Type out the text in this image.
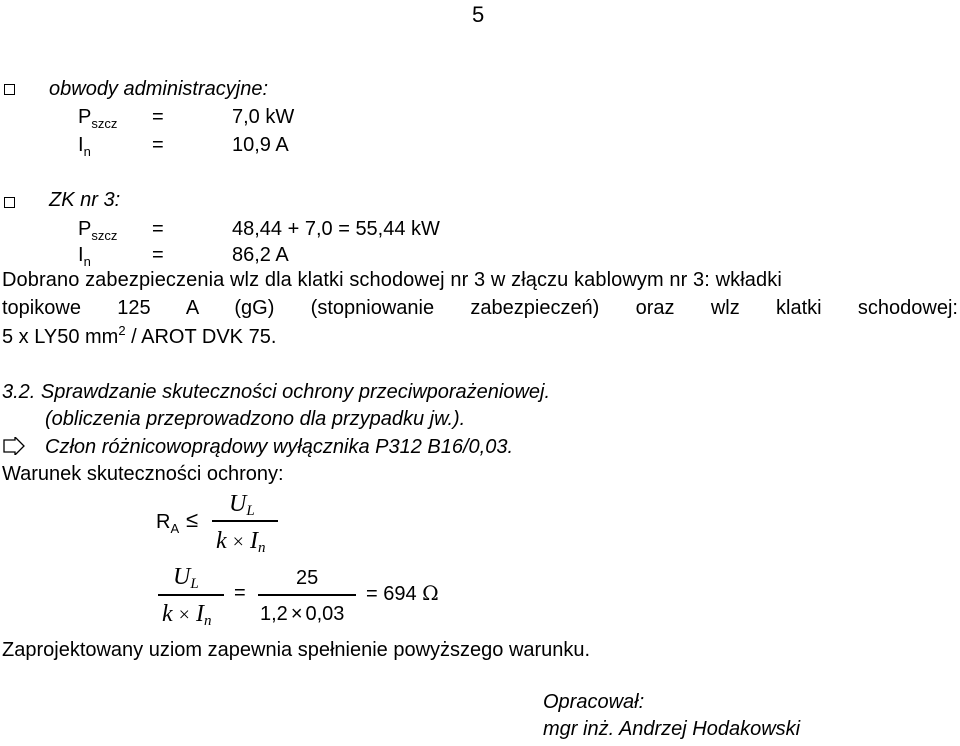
5
obwody administracyjne:
$P_{szcz}$ =	7,0 kW
$I_n$	=	10,9 A
ZK nr 3:
$P_{szcz}$ =	48,44 + 7,0 = 55,44 kW
$I_n$	=	86,2 A
Dobrano zabezpieczenia wlz dla klatki schodowej nr 3 w złączu kablowym nr 3: wkładki
topikowe 125 A (gG) (stopniowanie zabezpieczeń) oraz wlz klatki schodowej:
5 x LY50 $mm^2$ / AROT DVK 75.
3.2. Sprawdzanie skuteczności ochrony przeciwporażeniowej.
(obliczenia przeprowadzono dla przypadku jw.).
Człon różnicowoprądowy wyłącznika P312 B16/0,03.
Warunek skuteczności ochrony:
$R_A$ ≤
UL
k × In
UL
k × In
=
25
1,2 × 0,03
= 694 Ω
Zaprojektowany uziom zapewnia spełnienie powyższego warunku.
Opracował:
mgr inż. Andrzej Hodakowski
